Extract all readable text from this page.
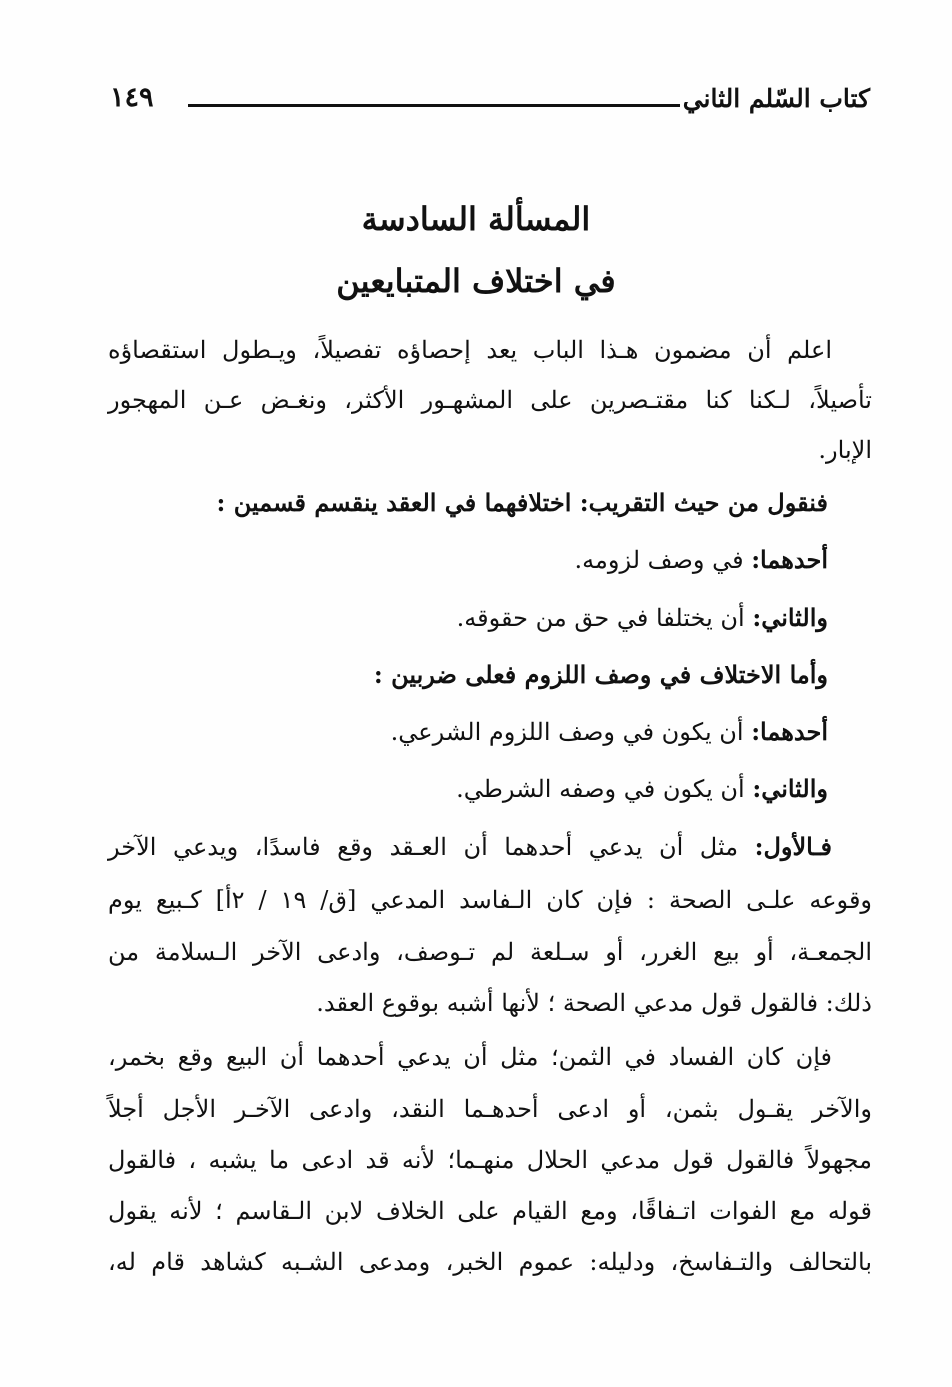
كتاب السّلم الثاني
١٤٩
المسألة السادسة
في اختلاف المتبايعين
اعلم أن مضمون هـذا الباب يعد إحصاؤه تفصيلاً، ويـطول استقصاؤه
تأصيلاً، لـكنا كنا مقتـصرين على المشهـور الأكثر، ونغـض عـن المهجور
الإبار.
فنقول من حيث التقريب: اختلافهما في العقد ينقسم قسمين :
أحدهما: في وصف لزومه.
والثاني: أن يختلفا في حق من حقوقه.
وأما الاختلاف في وصف اللزوم فعلى ضربين :
أحدهما: أن يكون في وصف اللزوم الشرعي.
والثاني: أن يكون في وصفه الشرطي.
فـالأول: مثل أن يدعي أحدهما أن العـقد وقع فاسدًا، ويدعي الآخر
وقوعه علـى الصحة : فإن كان الـفاسد المدعي [ق/ ١٩ / ٢أ] كـبيع يوم
الجمعـة، أو بيع الغرر، أو سـلعة لم تـوصف، وادعى الآخر الـسلامة من
ذلك: فالقول قول مدعي الصحة ؛ لأنها أشبه بوقوع العقد.
فإن كان الفساد في الثمن؛ مثل أن يدعي أحدهما أن البيع وقع بخمر،
والآخر يقـول بثمن، أو ادعى أحدهـما النقد، وادعى الآخـر الأجل أجلاً
مجهولاً فالقول قول مدعي الحلال منهـما؛ لأنه قد ادعى ما يشبه ، فالقول
قوله مع الفوات اتـفاقًا، ومع القيام على الخلاف لابن الـقاسم ؛ لأنه يقول
بالتحالف والتـفاسخ، ودليله: عموم الخبر، ومدعى الشـبه كشاهد قام له،
